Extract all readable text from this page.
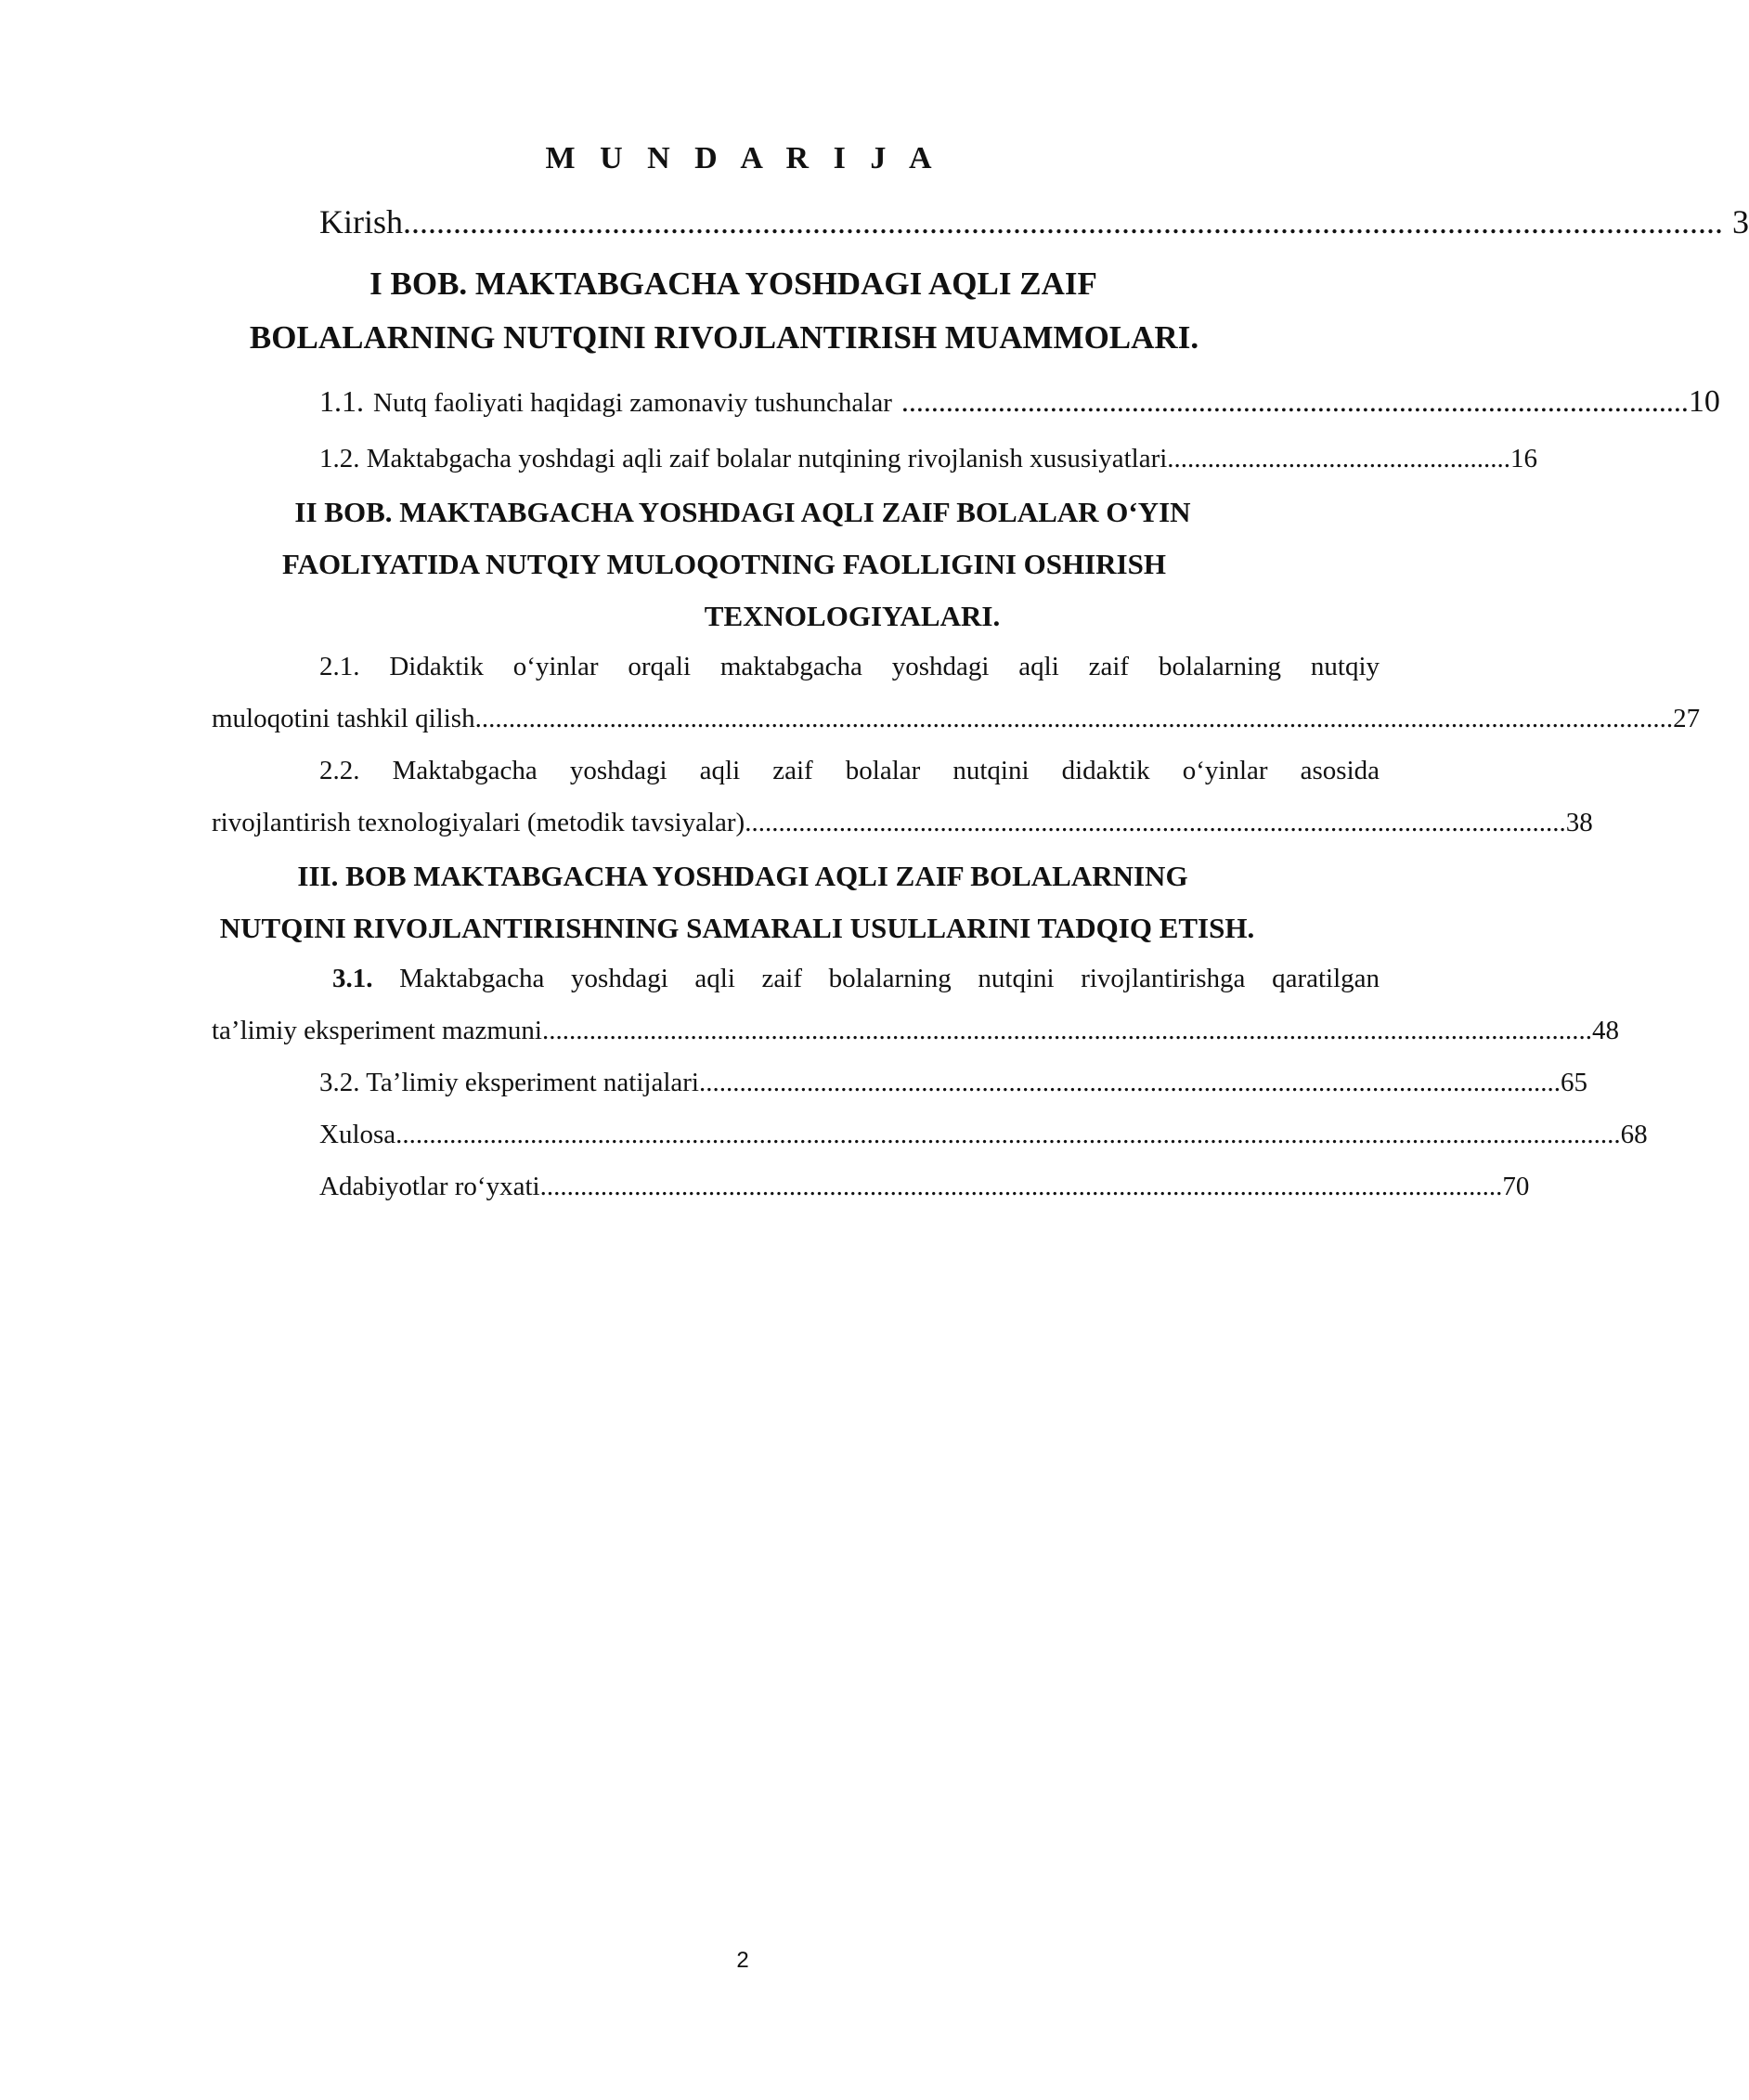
M U N D A R I J A
Kirish .............................................................................................................................................................. 3
I BOB. MAKTABGACHA YOSHDAGI AQLI ZAIF
BOLALARNING NUTQINI RIVOJLANTIRISH MUAMMOLARI.
1.1. Nutq faoliyati haqidagi zamonaviy tushunchalar .......................................................................................................... 10
1.2. Maktabgacha yoshdagi aqli zaif bolalar nutqining rivojlanish xususiyatlari ................................................... 16
II BOB. MAKTABGACHA YOSHDAGI AQLI ZAIF BOLALAR O‘YIN
FAOLIYATIDA NUTQIY MULOQOTNING FAOLLIGINI OSHIRISH
TEXNOLOGIYALARI.
2.1. Didaktik o‘yinlar orqali maktabgacha yoshdagi aqli zaif bolalarning nutqiy
muloqotini tashkil qilish .................................................................................................................................................................................. 27
2.2. Maktabgacha yoshdagi aqli zaif bolalar nutqini didaktik o‘yinlar asosida
rivojlantirish texnologiyalari (metodik tavsiyalar) .......................................................................................................................... 38
III. BOB MAKTABGACHA YOSHDAGI AQLI ZAIF BOLALARNING
NUTQINI RIVOJLANTIRISHNING SAMARALI USULLARINI TADQIQ ETISH.
3.1. Maktabgacha yoshdagi aqli zaif bolalarning nutqini rivojlantirishga qaratilgan
ta’limiy eksperiment mazmuni ............................................................................................................................................................ 48
3.2. Ta’limiy eksperiment natijalari ................................................................................................................................ 65
Xulosa ...................................................................................................................................................................................... 68
Adabiyotlar ro‘yxati ............................................................................................................................................... 70
2
